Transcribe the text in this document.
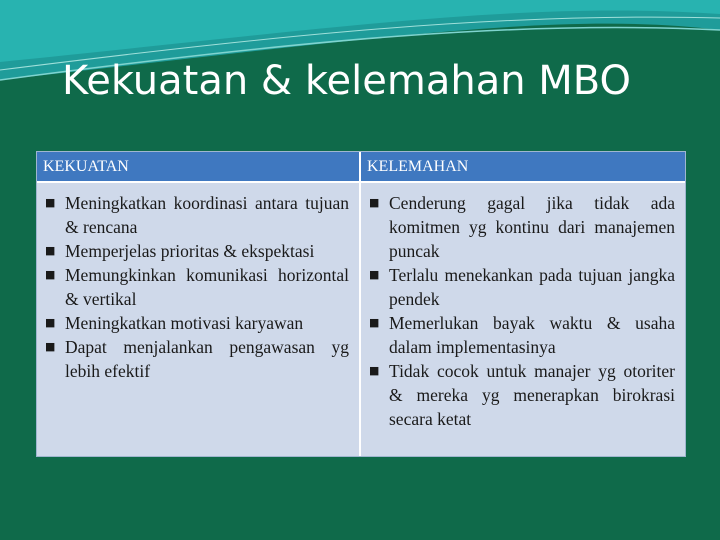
Kekuatan & kelemahan MBO
KEKUATAN	KELEMAHAN
■ Meningkatkan koordinasi antara tujuan & rencana
■ Memperjelas prioritas & ekspektasi
■ Memungkinkan komunikasi horizontal & vertikal
■ Meningkatkan motivasi karyawan
■ Dapat menjalankan pengawasan yg lebih efektif
■ Cenderung gagal jika tidak ada komitmen yg kontinu dari manajemen puncak
■ Terlalu menekankan pada tujuan jangka pendek
■ Memerlukan bayak waktu & usaha dalam implementasinya
■ Tidak cocok untuk manajer yg otoriter & mereka yg menerapkan birokrasi secara ketat
